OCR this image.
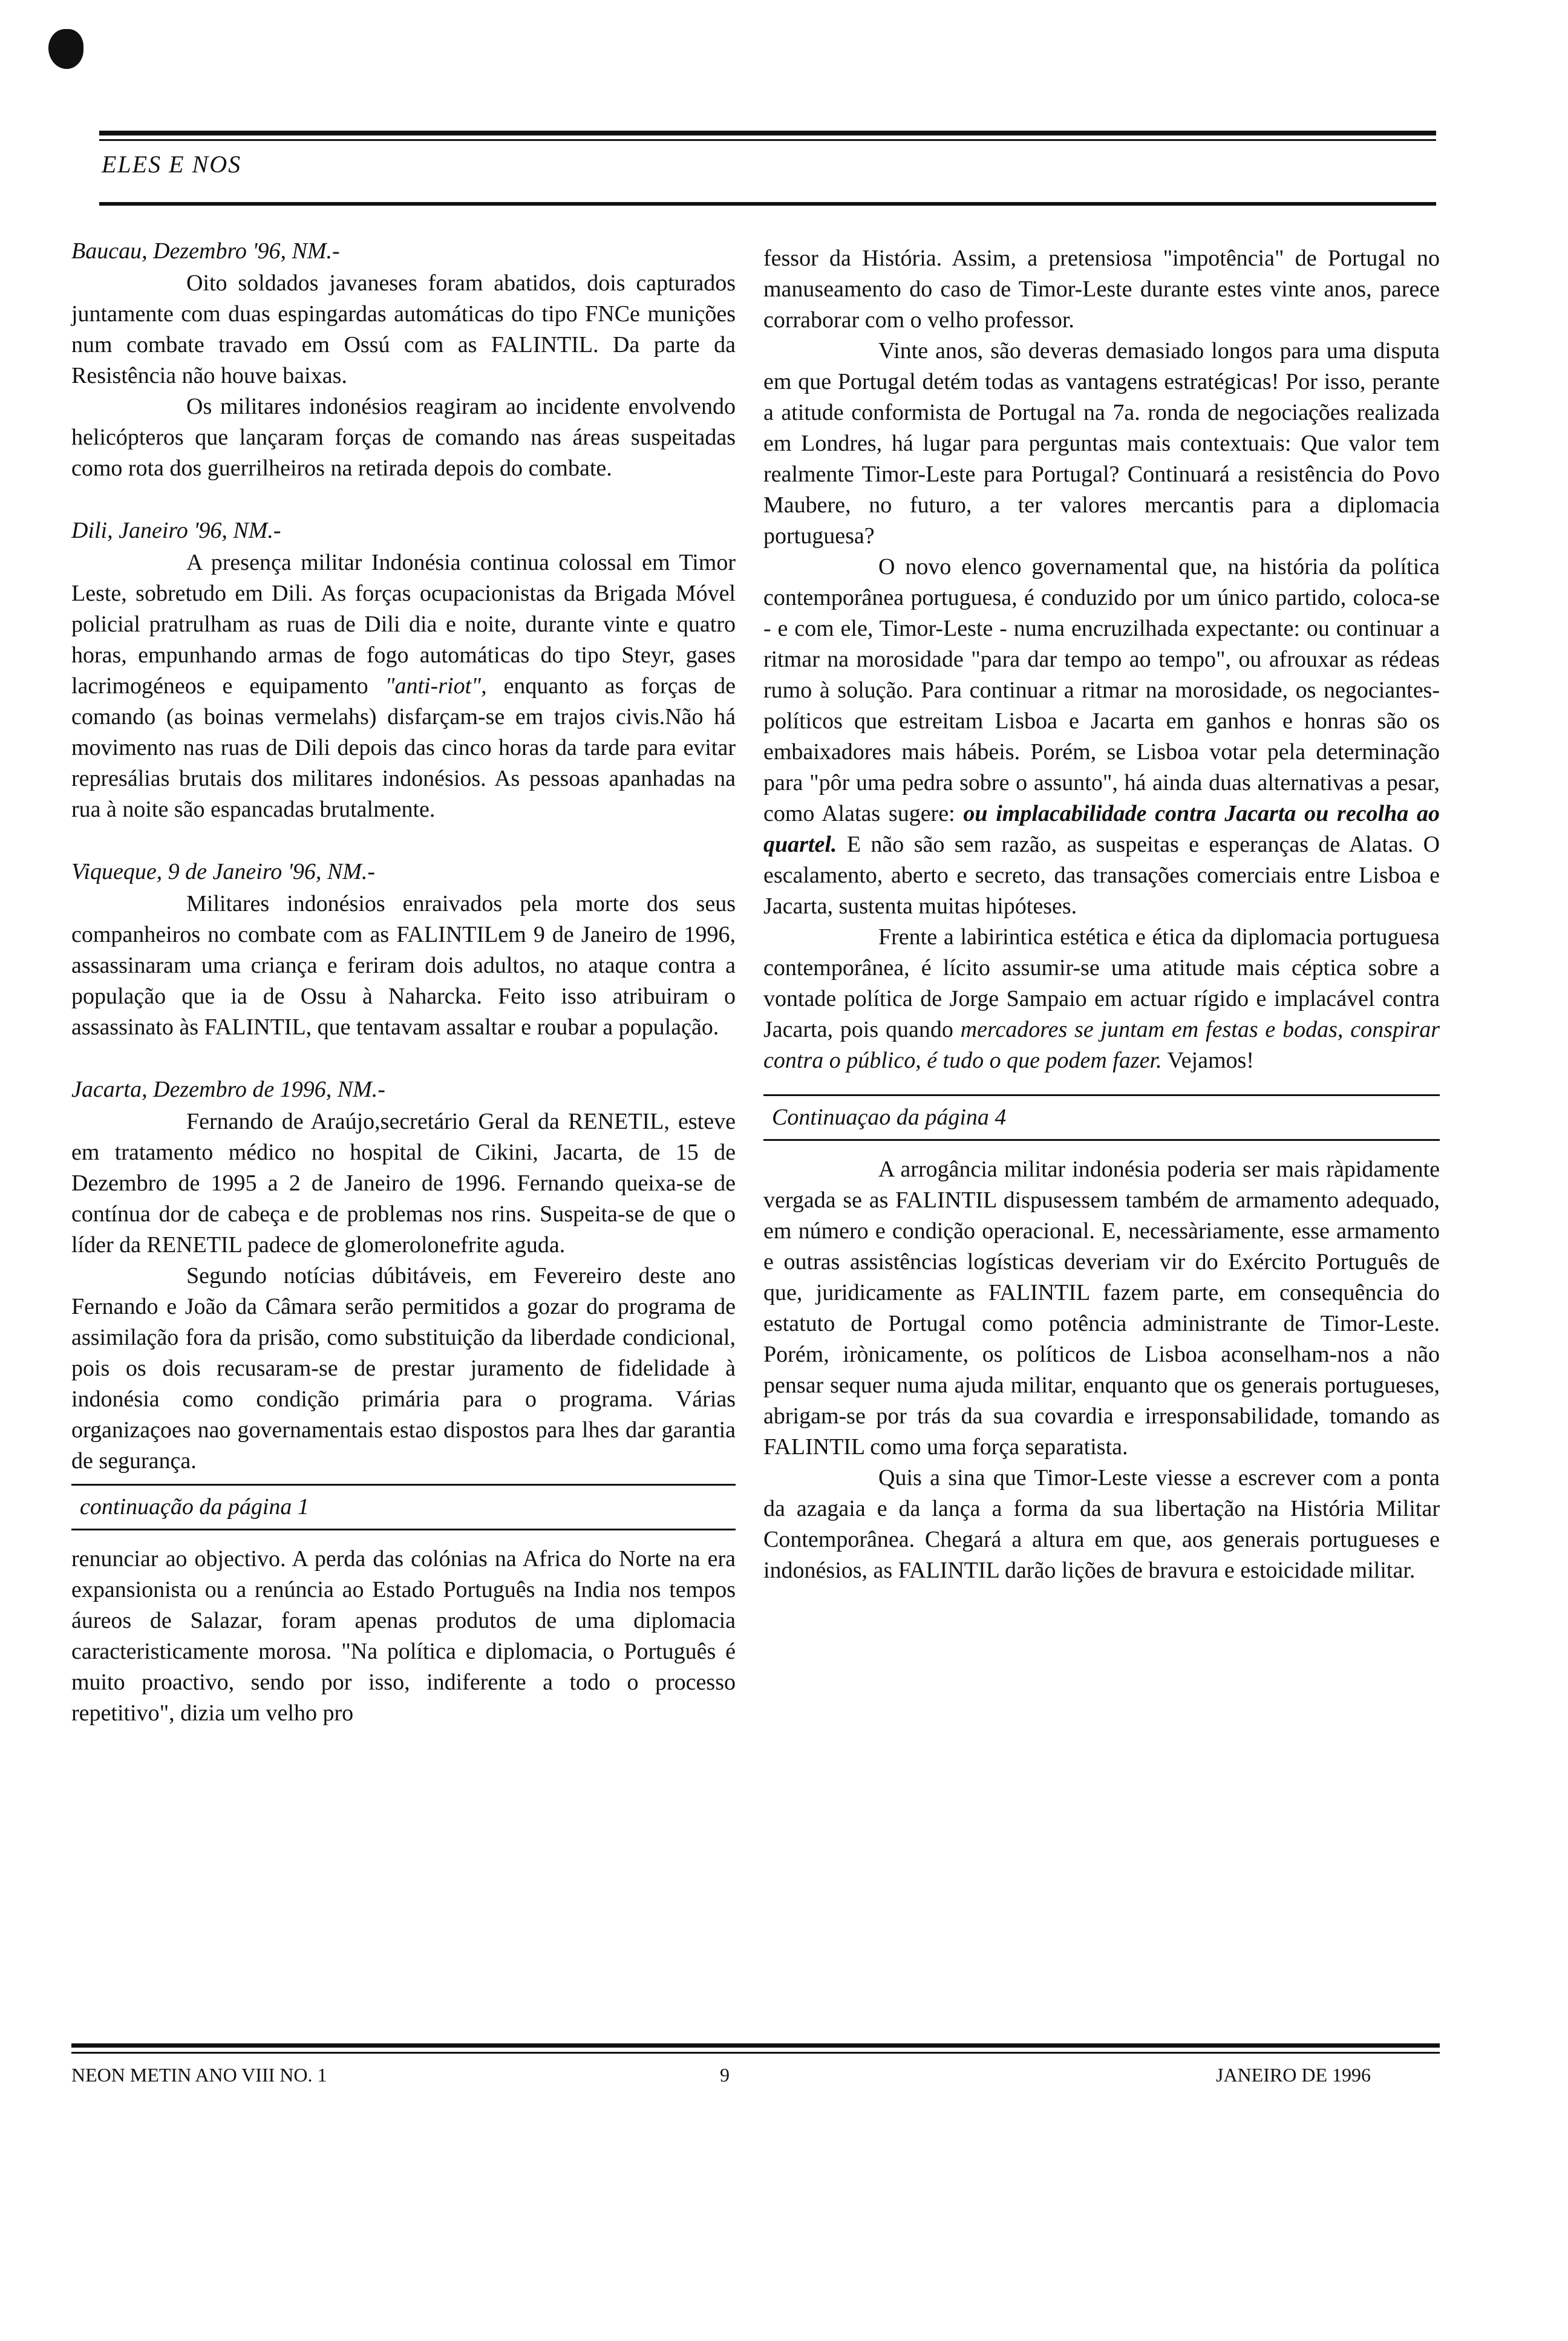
ELES E NOS

Baucau, Dezembro '96, NM.-

Oito soldados javaneses foram abatidos, dois capturados juntamente com duas espingardas automáticas do tipo FNCe munições num combate travado em Ossú com as FALINTIL. Da parte da Resistência não houve baixas.

Os militares indonésios reagiram ao incidente envolvendo helicópteros que lançaram forças de comando nas áreas suspeitadas como rota dos guerrilheiros na retirada depois do combate.

Dili, Janeiro '96, NM.-

A presença militar Indonésia continua colossal em Timor Leste, sobretudo em Dili. As forças ocupacionistas da Brigada Móvel policial pratrulham as ruas de Dili dia e noite, durante vinte e quatro horas, empunhando armas de fogo automáticas do tipo Steyr, gases lacrimogéneos e equipamento "anti-riot", enquanto as forças de comando (as boinas vermelahs) disfarçam-se em trajos civis.Não há movimento nas ruas de Dili depois das cinco horas da tarde para evitar represálias brutais dos militares indonésios. As pessoas apanhadas na rua à noite são espancadas brutalmente.

Viqueque, 9 de Janeiro '96, NM.-

Militares indonésios enraivados pela morte dos seus companheiros no combate com as FALINTILem 9 de Janeiro de 1996, assassinaram uma criança e feriram dois adultos, no ataque contra a população que ia de Ossu à Naharcka. Feito isso atribuiram o assassinato às FALINTIL, que tentavam assaltar e roubar a população.

Jacarta, Dezembro de 1996, NM.-

Fernando de Araújo,secretário Geral da RENETIL, esteve em tratamento médico no hospital de Cikini, Jacarta, de 15 de Dezembro de 1995 a 2 de Janeiro de 1996. Fernando queixa-se de contínua dor de cabeça e de problemas nos rins. Suspeita-se de que o líder da RENETIL padece de glomerolonefrite aguda.

Segundo notícias dúbitáveis, em Fevereiro deste ano Fernando e João da Câmara serão permitidos a gozar do programa de assimilação fora da prisão, como substituição da liberdade condicional, pois os dois recusaram-se de prestar juramento de fidelidade à indonésia como condição primária para o programa. Várias organizaçoes nao governamentais estao dispostos para lhes dar garantia de segurança.

continuação da página 1

renunciar ao objectivo. A perda das colónias na Africa do Norte na era expansionista ou a renúncia ao Estado Português na India nos tempos áureos de Salazar, foram apenas produtos de uma diplomacia caracteristicamente morosa. "Na política e diplomacia, o Português é muito proactivo, sendo por isso, indiferente a todo o processo repetitivo", dizia um velho pro

fessor da História. Assim, a pretensiosa "impotência" de Portugal no manuseamento do caso de Timor-Leste durante estes vinte anos, parece corraborar com o velho professor.

Vinte anos, são deveras demasiado longos para uma disputa em que Portugal detém todas as vantagens estratégicas! Por isso, perante a atitude conformista de Portugal na 7a. ronda de negociações realizada em Londres, há lugar para perguntas mais contextuais: Que valor tem realmente Timor-Leste para Portugal? Continuará a resistência do Povo Maubere, no futuro, a ter valores mercantis para a diplomacia portuguesa?

O novo elenco governamental que, na história da política contemporânea portuguesa, é conduzido por um único partido, coloca-se - e com ele, Timor-Leste - numa encruzilhada expectante: ou continuar a ritmar na morosidade "para dar tempo ao tempo", ou afrouxar as rédeas rumo à solução. Para continuar a ritmar na morosidade, os negociantes-políticos que estreitam Lisboa e Jacarta em ganhos e honras são os embaixadores mais hábeis. Porém, se Lisboa votar pela determinação para "pôr uma pedra sobre o assunto", há ainda duas alternativas a pesar, como Alatas sugere: ou implacabilidade contra Jacarta ou recolha ao quartel. E não são sem razão, as suspeitas e esperanças de Alatas. O escalamento, aberto e secreto, das transações comerciais entre Lisboa e Jacarta, sustenta muitas hipóteses.

Frente a labirintica estética e ética da diplomacia portuguesa contemporânea, é lícito assumir-se uma atitude mais céptica sobre a vontade política de Jorge Sampaio em actuar rígido e implacável contra Jacarta, pois quando mercadores se juntam em festas e bodas, conspirar contra o público, é tudo o que podem fazer. Vejamos!

Continuaçao da página 4

A arrogância militar indonésia poderia ser mais ràpidamente vergada se as FALINTIL dispusessem também de armamento adequado, em número e condição operacional. E, necessàriamente, esse armamento e outras assistências logísticas deveriam vir do Exército Português de que, juridicamente as FALINTIL fazem parte, em consequência do estatuto de Portugal como potência administrante de Timor-Leste. Porém, irònicamente, os políticos de Lisboa aconselham-nos a não pensar sequer numa ajuda militar, enquanto que os generais portugueses, abrigam-se por trás da sua covardia e irresponsabilidade, tomando as FALINTIL como uma força separatista.

Quis a sina que Timor-Leste viesse a escrever com a ponta da azagaia e da lança a forma da sua libertação na História Militar Contemporânea. Chegará a altura em que, aos generais portugueses e indonésios, as FALINTIL darão lições de bravura e estoicidade militar.

NEON METIN ANO VIII NO. 1	9	JANEIRO DE 1996
